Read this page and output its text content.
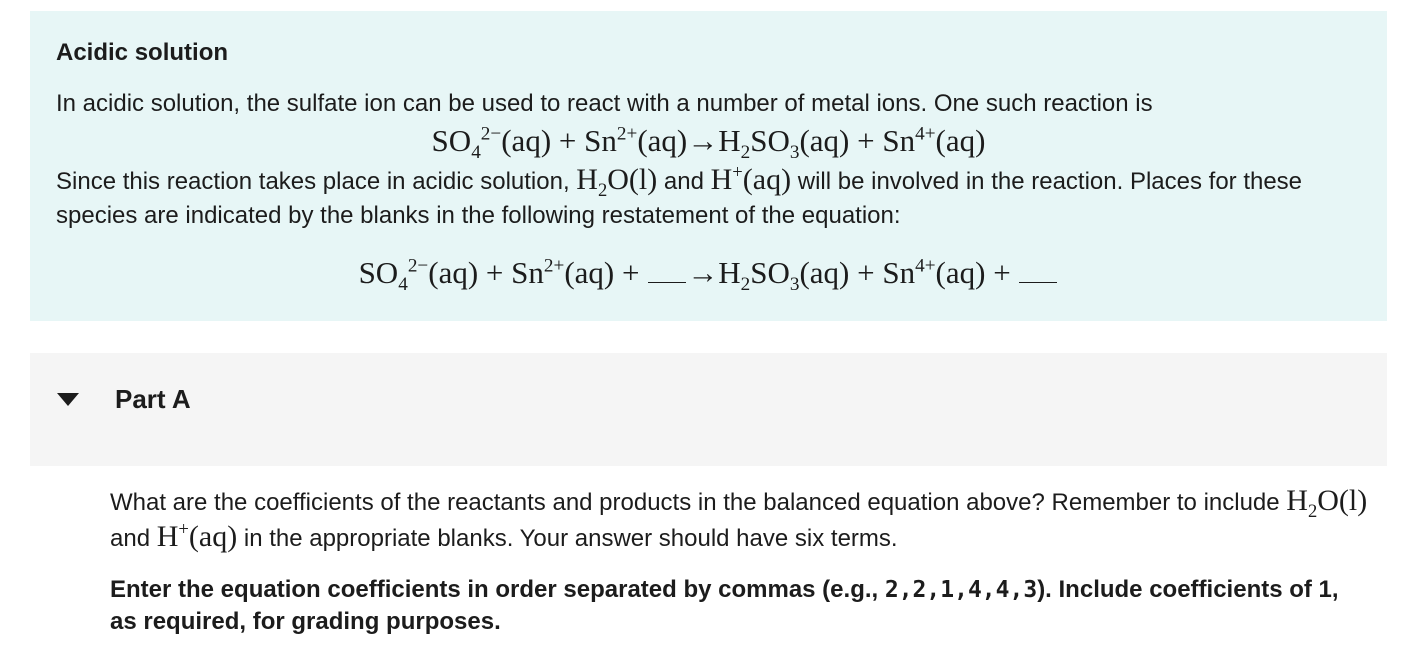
Acidic solution

In acidic solution, the sulfate ion can be used to react with a number of metal ions. One such reaction is

$SO_4^{2-}(aq) + Sn^{2+}(aq)\to H_2SO_3(aq) + Sn^{4+}(aq)$

Since this reaction takes place in acidic solution, $H_2O(l)$ and H+(aq) will be involved in the reaction. Places for these species are indicated by the blanks in the following restatement of the equation:

$SO_4^{2-}(aq) + Sn^{2+}(aq) + \to H_2SO_3(aq) + Sn^{4+}(aq)$ +
Part A

What are the coefficients of the reactants and products in the balanced equation above? Remember to include $H_2O(l)$ and H+(aq) in the appropriate blanks. Your answer should have six terms.

Enter the equation coefficients in order separated by commas (e.g., 2,2,1,4,4,3). Include coefficients of 1, as required, for grading purposes.
